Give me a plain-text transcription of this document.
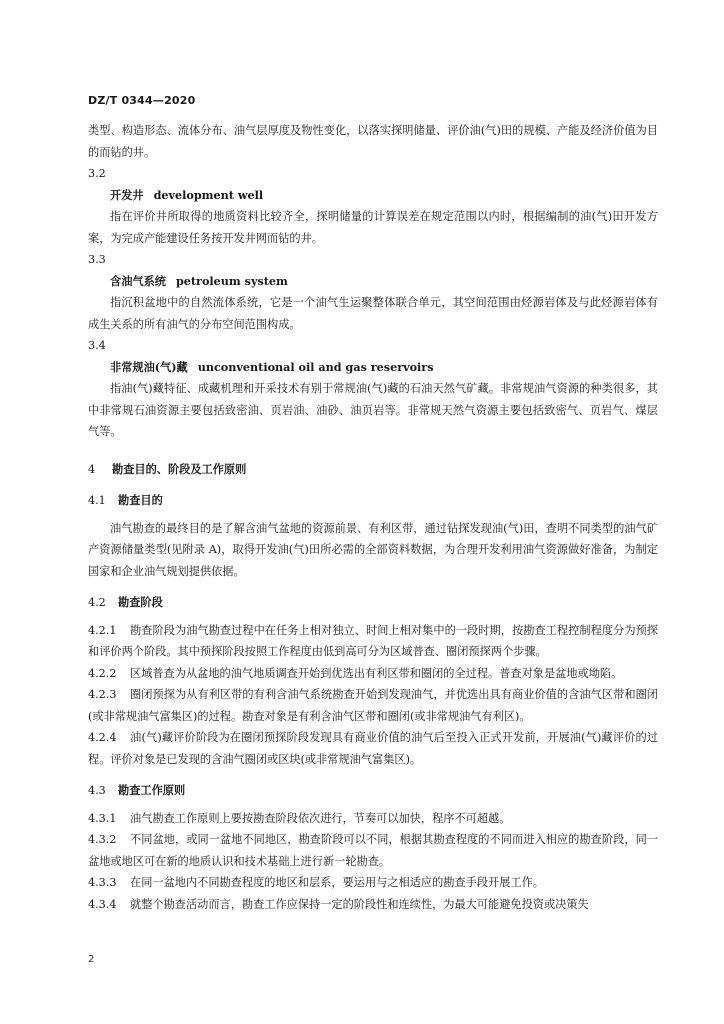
DZ/T 0344—2020

类型、构造形态、流体分布、油气层厚度及物性变化，以落实探明储量、评价油(气)田的规模、产能及经济价值为目的而钻的井。

3.2

开发井 development well

指在评价井所取得的地质资料比较齐全，探明储量的计算误差在规定范围以内时，根据编制的油(气)田开发方案，为完成产能建设任务按开发井网而钻的井。

3.3

含油气系统 petroleum system

指沉积盆地中的自然流体系统，它是一个油气生运聚整体联合单元，其空间范围由烃源岩体及与此烃源岩体有成生关系的所有油气的分布空间范围构成。

3.4

非常规油(气)藏 unconventional oil and gas reservoirs

指油(气)藏特征、成藏机理和开采技术有别于常规油(气)藏的石油天然气矿藏。非常规油气资源的种类很多，其中非常规石油资源主要包括致密油、页岩油、油砂、油页岩等。非常规天然气资源主要包括致密气、页岩气、煤层气等。

4 勘查目的、阶段及工作原则

4.1 勘查目的

油气勘查的最终目的是了解含油气盆地的资源前景、有利区带，通过钻探发现油(气)田，查明不同类型的油气矿产资源储量类型(见附录 A)，取得开发油(气)田所必需的全部资料数据，为合理开发利用油气资源做好准备，为制定国家和企业油气规划提供依据。

4.2 勘查阶段

4.2.1 勘查阶段为油气勘查过程中在任务上相对独立、时间上相对集中的一段时期，按勘查工程控制程度分为预探和评价两个阶段。其中预探阶段按照工作程度由低到高可分为区域普查、圈闭预探两个步骤。

4.2.2 区域普查为从盆地的油气地质调查开始到优选出有利区带和圈闭的全过程。普查对象是盆地或坳陷。

4.2.3 圈闭预探为从有利区带的有利含油气系统勘查开始到发现油气，并优选出具有商业价值的含油气区带和圈闭(或非常规油气富集区)的过程。勘查对象是有利含油气区带和圈闭(或非常规油气有利区)。

4.2.4 油(气)藏评价阶段为在圈闭预探阶段发现具有商业价值的油气后至投入正式开发前，开展油(气)藏评价的过程。评价对象是已发现的含油气圈闭或区块(或非常规油气富集区)。

4.3 勘查工作原则

4.3.1 油气勘查工作原则上要按勘查阶段依次进行，节奏可以加快，程序不可超越。

4.3.2 不同盆地，或同一盆地不同地区，勘查阶段可以不同，根据其勘查程度的不同而进入相应的勘查阶段，同一盆地或地区可在新的地质认识和技术基础上进行新一轮勘查。

4.3.3 在同一盆地内不同勘查程度的地区和层系，要运用与之相适应的勘查手段开展工作。

4.3.4 就整个勘查活动而言，勘查工作应保持一定的阶段性和连续性，为最大可能避免投资或决策失

2
